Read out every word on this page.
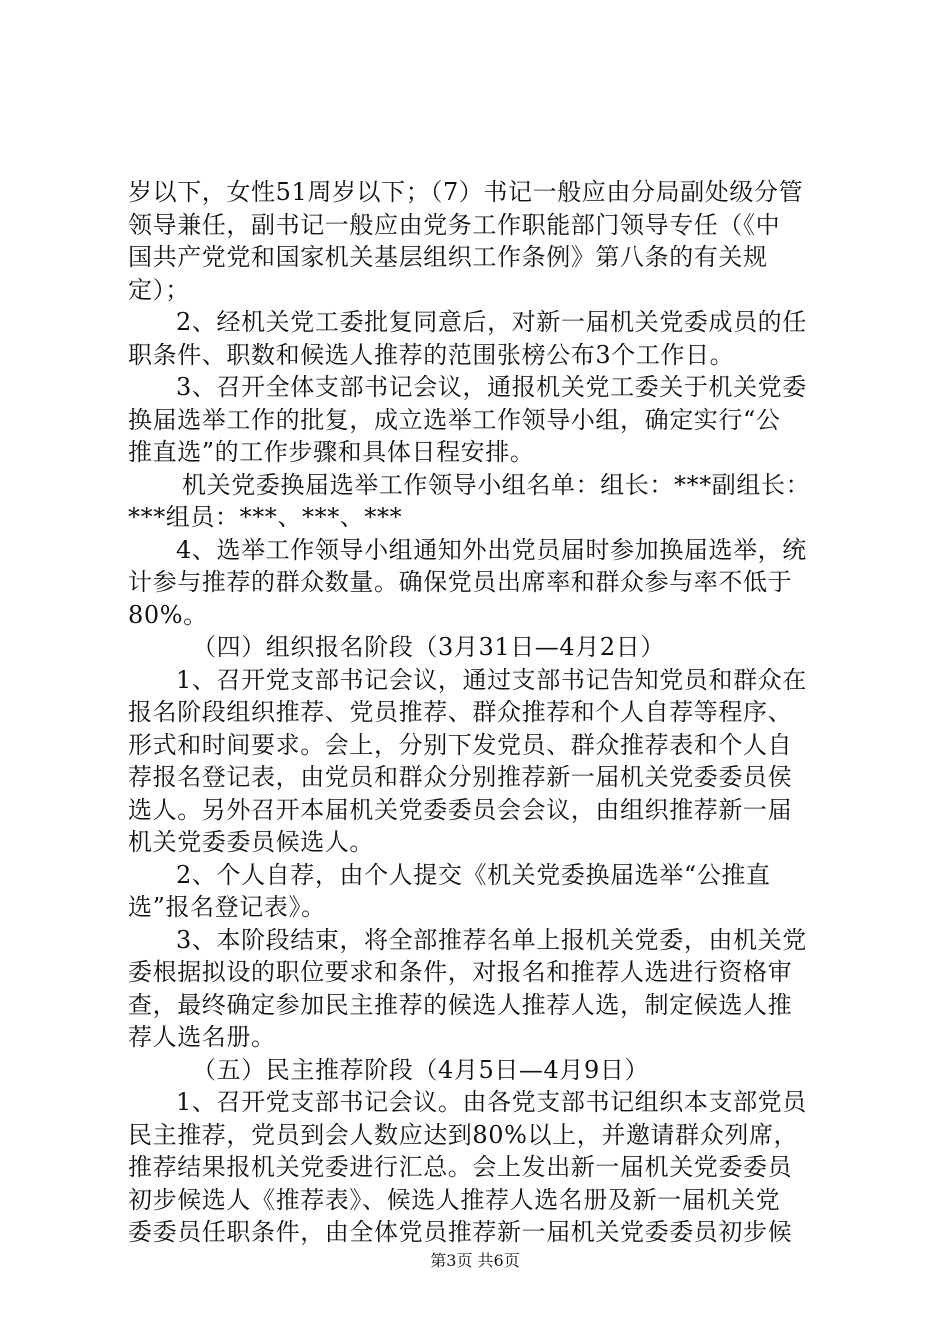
岁以下，女性51周岁以下；（7）书记一般应由分局副处级分管
领导兼任，副书记一般应由党务工作职能部门领导专任（《中
国共产党党和国家机关基层组织工作条例》第八条的有关规
定）；
2、经机关党工委批复同意后，对新一届机关党委成员的任
职条件、职数和候选人推荐的范围张榜公布3个工作日。
3、召开全体支部书记会议，通报机关党工委关于机关党委
换届选举工作的批复，成立选举工作领导小组，确定实行“公
推直选”的工作步骤和具体日程安排。
机关党委换届选举工作领导小组名单：组长：***副组长：
***组员：***、***、***
4、选举工作领导小组通知外出党员届时参加换届选举，统
计参与推荐的群众数量。确保党员出席率和群众参与率不低于
80%。
（四）组织报名阶段（3月31日—4月2日）
1、召开党支部书记会议，通过支部书记告知党员和群众在
报名阶段组织推荐、党员推荐、群众推荐和个人自荐等程序、
形式和时间要求。会上，分别下发党员、群众推荐表和个人自
荐报名登记表，由党员和群众分别推荐新一届机关党委委员侯
选人。另外召开本届机关党委委员会会议，由组织推荐新一届
机关党委委员候选人。
2、个人自荐，由个人提交《机关党委换届选举“公推直
选”报名登记表》。
3、本阶段结束，将全部推荐名单上报机关党委，由机关党
委根据拟设的职位要求和条件，对报名和推荐人选进行资格审
查，最终确定参加民主推荐的候选人推荐人选，制定候选人推
荐人选名册。
（五）民主推荐阶段（4月5日—4月9日）
1、召开党支部书记会议。由各党支部书记组织本支部党员
民主推荐，党员到会人数应达到80%以上，并邀请群众列席，
推荐结果报机关党委进行汇总。会上发出新一届机关党委委员
初步候选人《推荐表》、候选人推荐人选名册及新一届机关党
委委员任职条件，由全体党员推荐新一届机关党委委员初步候
第3页 共6页
